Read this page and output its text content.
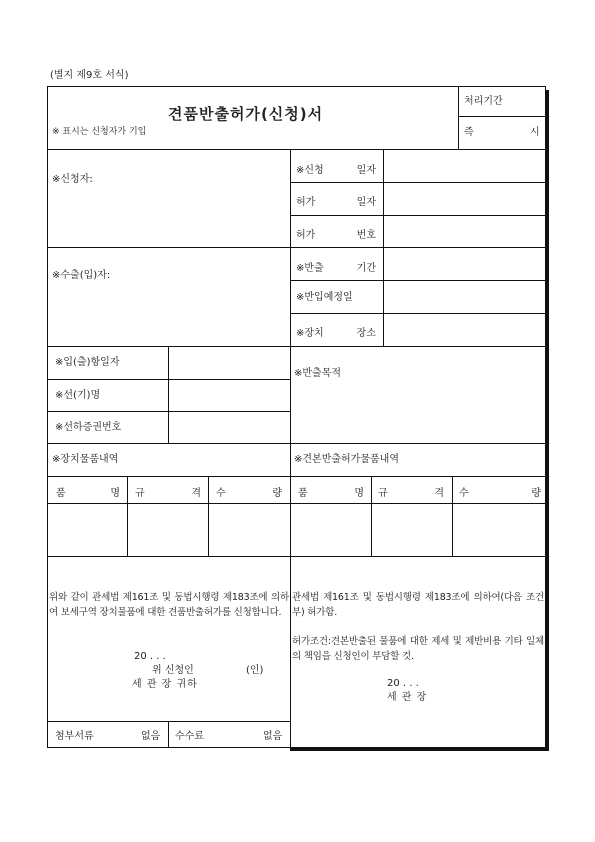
(별지 제9호 서식)
견품반출허가(신청)서
※ 표시는 신청자가 기입
처리기간
즉	시
※신청자:
※신청	일자
허가	일자
허가	번호
※수출(입)자:
※반출	기간
※반입예정일
※장치	장소
※입(출)항일자
※선(기)명
※선하증권번호
※반출목적
※장치물품내역	※견본반출허가물품내역
품	명 규	격 수	량 품	명 규	격 수	량
위와 같이 관세법 제161조 및 동법시행령 제183조에 의하여 보세구역 장치물품에 대한 견품반출허가를 신청합니다.
20 . . .
위 신청인	(인)
세 관 장 귀하
관세법 제161조 및 동법시행령 제183조에 의하여(다음 조건부) 허가함.
허가조건:견본반출된 물품에 대한 제세 및 제반비용 기타 일체의 책임을 신청인이 부담할 것.
20 . . .
세 관 장
첨부서류	없음 수수료	없음
